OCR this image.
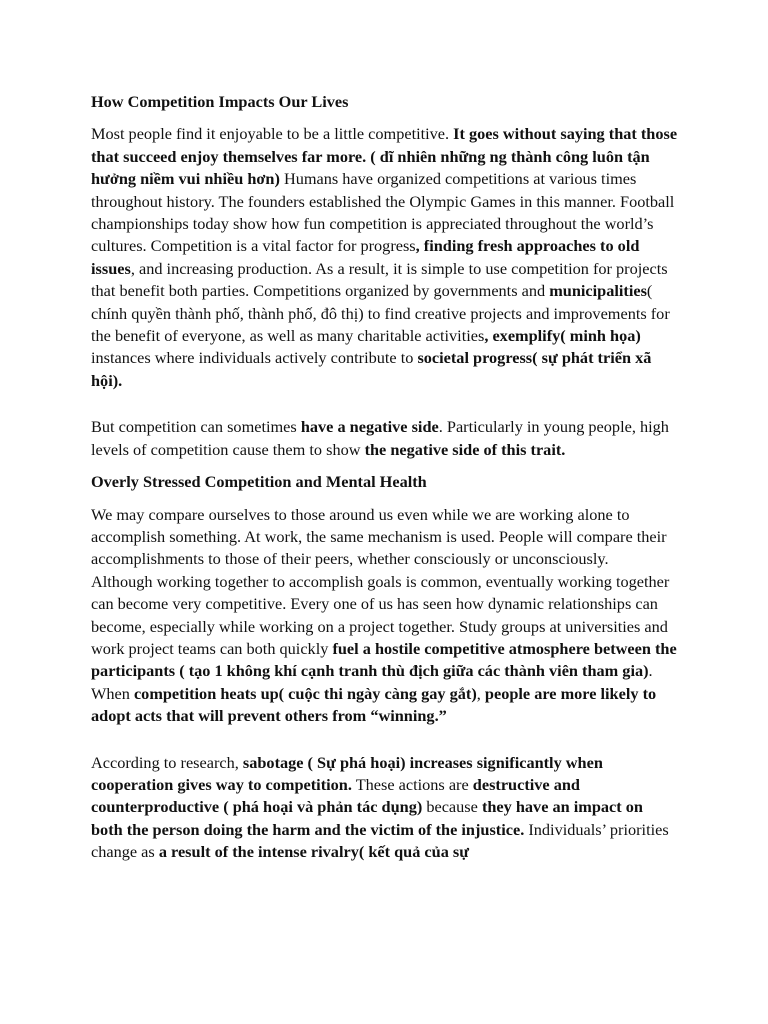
How Competition Impacts Our Lives

Most people find it enjoyable to be a little competitive. It goes without saying that those that succeed enjoy themselves far more. ( dĩ nhiên những ng thành công luôn tận hưởng niềm vui nhiều hơn) Humans have organized competitions at various times throughout history. The founders established the Olympic Games in this manner. Football championships today show how fun competition is appreciated throughout the world’s cultures. Competition is a vital factor for progress, finding fresh approaches to old issues, and increasing production. As a result, it is simple to use competition for projects that benefit both parties. Competitions organized by governments and municipalities( chính quyền thành phố, thành phố, đô thị) to find creative projects and improvements for the benefit of everyone, as well as many charitable activities, exemplify( minh họa) instances where individuals actively contribute to societal progress( sự phát triển xã hội).

But competition can sometimes have a negative side. Particularly in young people, high levels of competition cause them to show the negative side of this trait.

Overly Stressed Competition and Mental Health

We may compare ourselves to those around us even while we are working alone to accomplish something. At work, the same mechanism is used. People will compare their accomplishments to those of their peers, whether consciously or unconsciously.

Although working together to accomplish goals is common, eventually working together can become very competitive. Every one of us has seen how dynamic relationships can become, especially while working on a project together. Study groups at universities and work project teams can both quickly fuel a hostile competitive atmosphere between the participants ( tạo 1 không khí cạnh tranh thù địch giữa các thành viên tham gia). When competition heats up( cuộc thi ngày càng gay gắt), people are more likely to adopt acts that will prevent others from “winning.”

According to research, sabotage ( Sự phá hoại) increases significantly when cooperation gives way to competition. These actions are destructive and counterproductive ( phá hoại và phản tác dụng) because they have an impact on both the person doing the harm and the victim of the injustice. Individuals’ priorities change as a result of the intense rivalry( kết quả của sự
